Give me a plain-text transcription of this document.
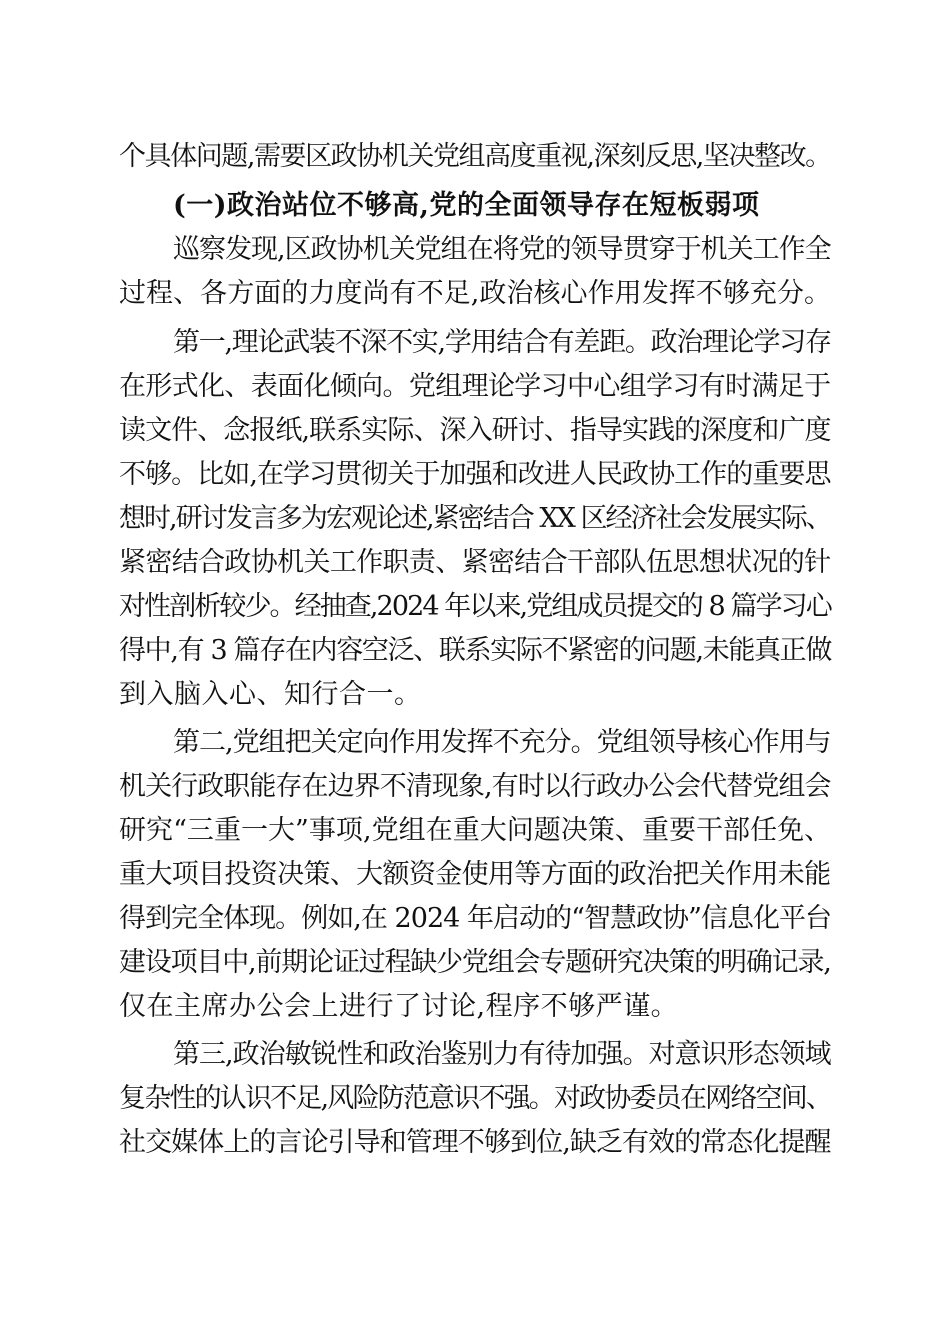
个具体问题,需要区政协机关党组高度重视,深刻反思,坚决整改。
(一)政治站位不够高,党的全面领导存在短板弱项
巡察发现,区政协机关党组在将党的领导贯穿于机关工作全
过程、各方面的力度尚有不足,政治核心作用发挥不够充分。
第一,理论武装不深不实,学用结合有差距。政治理论学习存
在形式化、表面化倾向。党组理论学习中心组学习有时满足于
读文件、念报纸,联系实际、深入研讨、指导实践的深度和广度
不够。比如,在学习贯彻关于加强和改进人民政协工作的重要思
想时,研讨发言多为宏观论述,紧密结合 XX 区经济社会发展实际、
紧密结合政协机关工作职责、紧密结合干部队伍思想状况的针
对性剖析较少。经抽查,2024 年以来,党组成员提交的 8 篇学习心
得中,有 3 篇存在内容空泛、联系实际不紧密的问题,未能真正做
到入脑入心、知行合一。
第二,党组把关定向作用发挥不充分。党组领导核心作用与
机关行政职能存在边界不清现象,有时以行政办公会代替党组会
研究“三重一大”事项,党组在重大问题决策、重要干部任免、
重大项目投资决策、大额资金使用等方面的政治把关作用未能
得到完全体现。例如,在 2024 年启动的“智慧政协”信息化平台
建设项目中,前期论证过程缺少党组会专题研究决策的明确记录,
仅在主席办公会上进行了讨论,程序不够严谨。
第三,政治敏锐性和政治鉴别力有待加强。对意识形态领域
复杂性的认识不足,风险防范意识不强。对政协委员在网络空间、
社交媒体上的言论引导和管理不够到位,缺乏有效的常态化提醒
